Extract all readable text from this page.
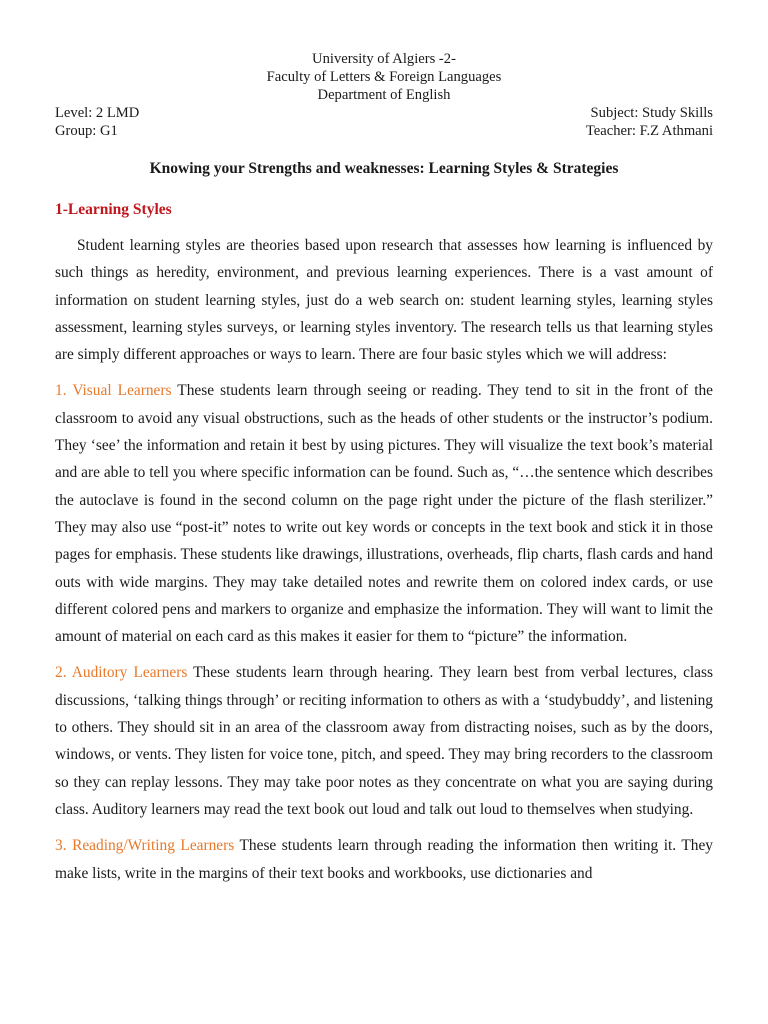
University of Algiers -2-
Faculty of Letters & Foreign Languages
Department of English
Level: 2 LMD	Subject: Study Skills
Group: G1	Teacher: F.Z Athmani
Knowing your Strengths and weaknesses: Learning Styles & Strategies
1-Learning Styles

Student learning styles are theories based upon research that assesses how learning is influenced by such things as heredity, environment, and previous learning experiences. There is a vast amount of information on student learning styles, just do a web search on: student learning styles, learning styles assessment, learning styles surveys, or learning styles inventory. The research tells us that learning styles are simply different approaches or ways to learn. There are four basic styles which we will address:

1. Visual Learners These students learn through seeing or reading. They tend to sit in the front of the classroom to avoid any visual obstructions, such as the heads of other students or the instructor’s podium. They ‘see’ the information and retain it best by using pictures. They will visualize the text book’s material and are able to tell you where specific information can be found. Such as, “…the sentence which describes the autoclave is found in the second column on the page right under the picture of the flash sterilizer.” They may also use “post-it” notes to write out key words or concepts in the text book and stick it in those pages for emphasis. These students like drawings, illustrations, overheads, flip charts, flash cards and hand outs with wide margins. They may take detailed notes and rewrite them on colored index cards, or use different colored pens and markers to organize and emphasize the information. They will want to limit the amount of material on each card as this makes it easier for them to “picture” the information.

2. Auditory Learners These students learn through hearing. They learn best from verbal lectures, class discussions, ‘talking things through’ or reciting information to others as with a ‘studybuddy’, and listening to others. They should sit in an area of the classroom away from distracting noises, such as by the doors, windows, or vents. They listen for voice tone, pitch, and speed. They may bring recorders to the classroom so they can replay lessons. They may take poor notes as they concentrate on what you are saying during class. Auditory learners may read the text book out loud and talk out loud to themselves when studying.

3. Reading/Writing Learners These students learn through reading the information then writing it. They make lists, write in the margins of their text books and workbooks, use dictionaries and
